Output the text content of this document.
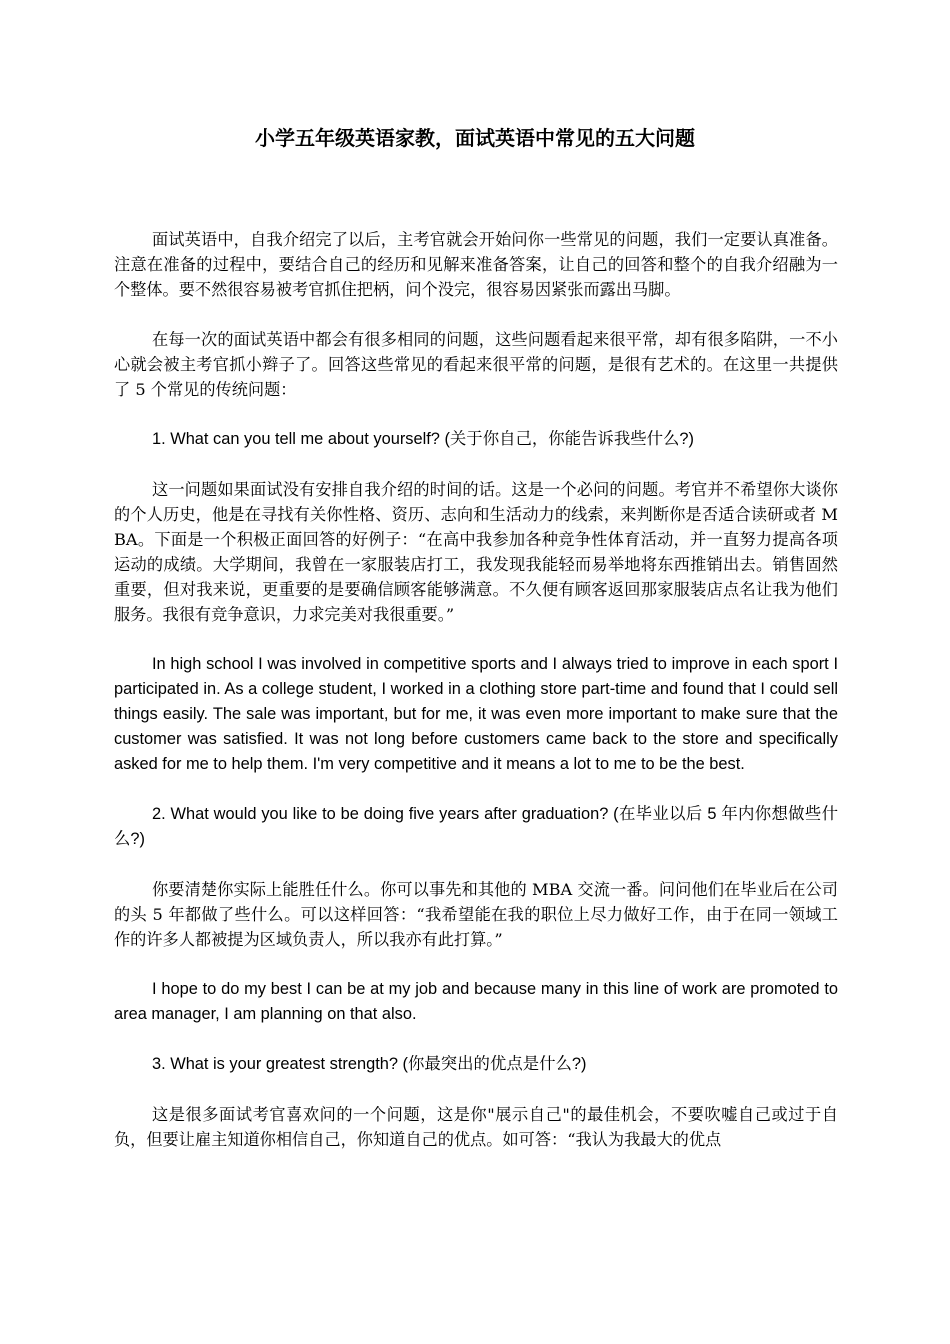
小学五年级英语家教，面试英语中常见的五大问题

面试英语中，自我介绍完了以后，主考官就会开始问你一些常见的问题，我们一定要认真准备。注意在准备的过程中，要结合自己的经历和见解来准备答案，让自己的回答和整个的自我介绍融为一个整体。要不然很容易被考官抓住把柄，问个没完，很容易因紧张而露出马脚。

在每一次的面试英语中都会有很多相同的问题，这些问题看起来很平常，却有很多陷阱，一不小心就会被主考官抓小辫子了。回答这些常见的看起来很平常的问题，是很有艺术的。在这里一共提供了 5 个常见的传统问题：

1. What can you tell me about yourself? (关于你自己，你能告诉我些什么?)

这一问题如果面试没有安排自我介绍的时间的话。这是一个必问的问题。考官并不希望你大谈你的个人历史，他是在寻找有关你性格、资历、志向和生活动力的线索，来判断你是否适合读研或者 MBA。下面是一个积极正面回答的好例子：“在高中我参加各种竞争性体育活动，并一直努力提高各项运动的成绩。大学期间，我曾在一家服装店打工，我发现我能轻而易举地将东西推销出去。销售固然重要，但对我来说，更重要的是要确信顾客能够满意。不久便有顾客返回那家服装店点名让我为他们服务。我很有竞争意识，力求完美对我很重要。”

In high school I was involved in competitive sports and I always tried to improve in each sport I participated in. As a college student, I worked in a clothing store part-time and found that I could sell things easily. The sale was important, but for me, it was even more important to make sure that the customer was satisfied. It was not long before customers came back to the store and specifically asked for me to help them. I'm very competitive and it means a lot to me to be the best.

2. What would you like to be doing five years after graduation? (在毕业以后 5 年内你想做些什么?)

你要清楚你实际上能胜任什么。你可以事先和其他的 MBA 交流一番。问问他们在毕业后在公司的头 5 年都做了些什么。可以这样回答：“我希望能在我的职位上尽力做好工作，由于在同一领域工作的许多人都被提为区域负责人，所以我亦有此打算。”

I hope to do my best I can be at my job and because many in this line of work are promoted to area manager, I am planning on that also.

3. What is your greatest strength? (你最突出的优点是什么?)

这是很多面试考官喜欢问的一个问题，这是你"展示自己"的最佳机会，不要吹嘘自己或过于自负，但要让雇主知道你相信自己，你知道自己的优点。如可答：“我认为我最大的优点
